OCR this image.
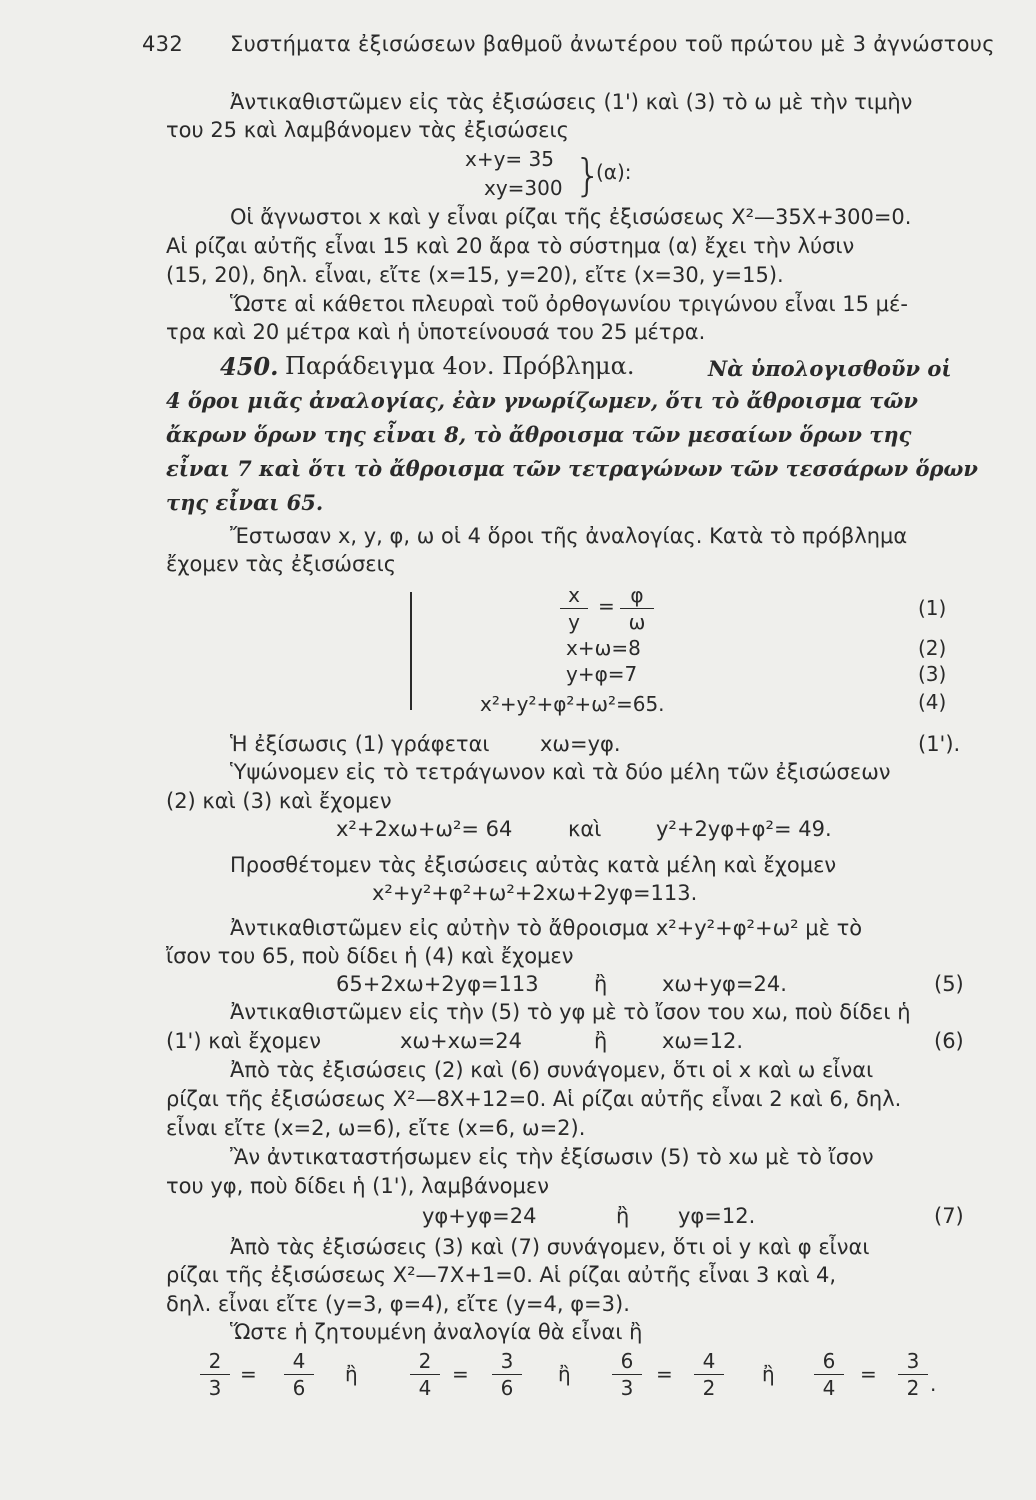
432 Συστήματα ἐξισώσεων βαθμοῦ ἀνωτέρου τοῦ πρώτου μὲ 3 ἀγνώστους
Ἀντικαθιστῶμεν εἰς τὰς ἐξισώσεις (1') καὶ (3) τὸ ω μὲ τὴν τιμὴν
του 25 καὶ λαμβάνομεν τὰς ἐξισώσεις
x+y= 35
xy=300 }
(α):
Οἱ ἄγνωστοι x καὶ y εἶναι ρίζαι τῆς ἐξισώσεως X²—35X+300=0.
Αἱ ρίζαι αὐτῆς εἶναι 15 καὶ 20 ἄρα τὸ σύστημα (α) ἔχει τὴν λύσιν
(15, 20), δηλ. εἶναι, εἴτε (x=15, y=20), εἴτε (x=30, y=15).
Ὥστε αἱ κάθετοι πλευραὶ τοῦ ὀρθογωνίου τριγώνου εἶναι 15 μέ-
τρα καὶ 20 μέτρα καὶ ἡ ὑποτείνουσά του 25 μέτρα.
450. Παράδειγμα 4ον. Πρόβλημα.	Νὰ ὑπολογισθοῦν οἱ
4 ὅροι μιᾶς ἀναλογίας, ἐὰν γνωρίζωμεν, ὅτι τὸ ἄθροισμα τῶν
ἄκρων ὅρων της εἶναι 8, τὸ ἄθροισμα τῶν μεσαίων ὅρων της
εἶναι 7 καὶ ὅτι τὸ ἄθροισμα τῶν τετραγώνων τῶν τεσσάρων ὅρων
της εἶναι 65.
Ἔστωσαν x, y, φ, ω οἱ 4 ὅροι τῆς ἀναλογίας. Κατὰ τὸ πρόβλημα
ἔχομεν τὰς ἐξισώσεις
x
y
= φ
ω
(1)
x+ω=8	(2)
y+φ=7	(3)
x²+y²+φ²+ω²=65.	(4)
Ἡ ἐξίσωσις (1) γράφεται xω=yφ.	(1').
Ὑψώνομεν εἰς τὸ τετράγωνον καὶ τὰ δύο μέλη τῶν ἐξισώσεων
(2) καὶ (3) καὶ ἔχομεν
x²+2xω+ω²= 64	καὶ	y²+2yφ+φ²= 49.
Προσθέτομεν τὰς ἐξισώσεις αὐτὰς κατὰ μέλη καὶ ἔχομεν
x²+y²+φ²+ω²+2xω+2yφ=113.
Ἀντικαθιστῶμεν εἰς αὐτὴν τὸ ἄθροισμα x²+y²+φ²+ω² μὲ τὸ
ἴσον του 65, ποὺ δίδει ἡ (4) καὶ ἔχομεν
65+2xω+2yφ=113	ἢ	xω+yφ=24.	(5)
Ἀντικαθιστῶμεν εἰς τὴν (5) τὸ yφ μὲ τὸ ἴσον του xω, ποὺ δίδει ἡ
(1') καὶ ἔχομεν	xω+xω=24	ἢ	xω=12.	(6)
Ἀπὸ τὰς ἐξισώσεις (2) καὶ (6) συνάγομεν, ὅτι οἱ x καὶ ω εἶναι
ρίζαι τῆς ἐξισώσεως X²—8X+12=0. Αἱ ρίζαι αὐτῆς εἶναι 2 καὶ 6, δηλ.
εἶναι εἴτε (x=2, ω=6), εἴτε (x=6, ω=2).
Ἂν ἀντικαταστήσωμεν εἰς τὴν ἐξίσωσιν (5) τὸ xω μὲ τὸ ἴσον
του yφ, ποὺ δίδει ἡ (1'), λαμβάνομεν
yφ+yφ=24	ἢ yφ=12.	(7)
Ἀπὸ τὰς ἐξισώσεις (3) καὶ (7) συνάγομεν, ὅτι οἱ y καὶ φ εἶναι
ρίζαι τῆς ἐξισώσεως X²—7X+1=0. Αἱ ρίζαι αὐτῆς εἶναι 3 καὶ 4,
δηλ. εἶναι εἴτε (y=3, φ=4), εἴτε (y=4, φ=3).
Ὥστε ἡ ζητουμένη ἀναλογία θὰ εἶναι ἢ
2
3
=
4
6
ἢ
2
4
=
3
6
ἢ
6
3
=
4
2
ἢ
6
4
=
3
2 .
